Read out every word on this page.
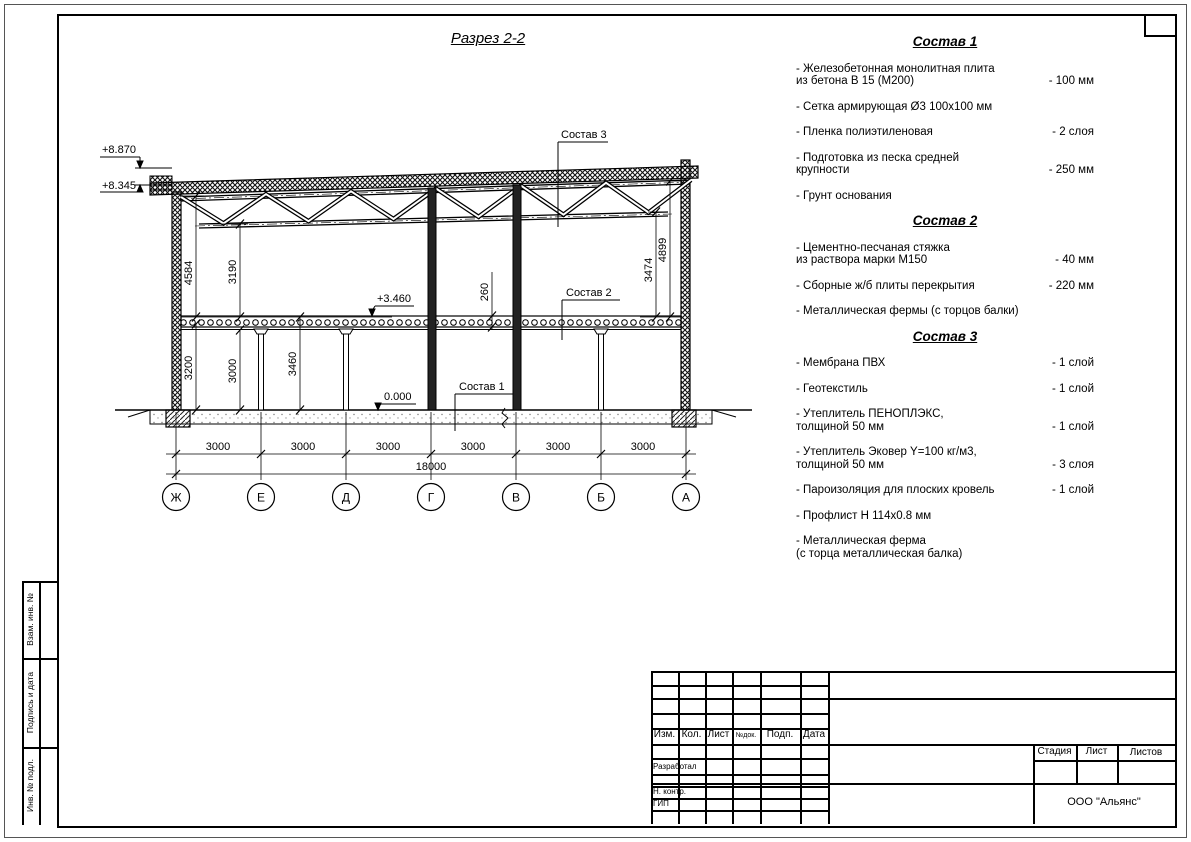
Разрез 2-2
+8.870
+8.345
+3.460
0.000
Состав 3
Состав 2
Состав 1
4584	3190
3200	3000	3460
260
3474
4899
3000	3000	3000	3000	3000	3000
18000
Ж	Е	Д	Г	В	Б	А
Состав 1
- Железобетонная монолитная плита
из бетона В 15 (М200)	- 100 мм
- Сетка армирующая Ø3 100х100 мм
- Пленка полиэтиленовая	- 2 слоя
- Подготовка из песка средней
крупности	- 250 мм
- Грунт основания
Состав 2
- Цементно-песчаная стяжка
из раствора марки М150	- 40 мм
- Сборные ж/б плиты перекрытия	- 220 мм
- Металлическая фермы (с торцов балки)
Состав 3
- Мембрана ПВХ	- 1 слой
- Геотекстиль	- 1 слой
- Утеплитель ПЕНОПЛЭКС,
толщиной 50 мм	- 1 слой
- Утеплитель Эковер Y=100 кг/м3,
толщиной 50 мм	- 3 слоя
- Пароизоляция для плоских кровель	- 1 слой
- Профлист Н 114х0.8 мм
- Металлическая ферма
(с торца металлическая балка)
Взам. инв. №
Подпись и дата
Инв. № подл.
Изм. Кол. Лист №док.	Подп. Дата
Разработал
Н. контр.
ГИП
Стадия	Лист	Листов
ООО "Альянс"
